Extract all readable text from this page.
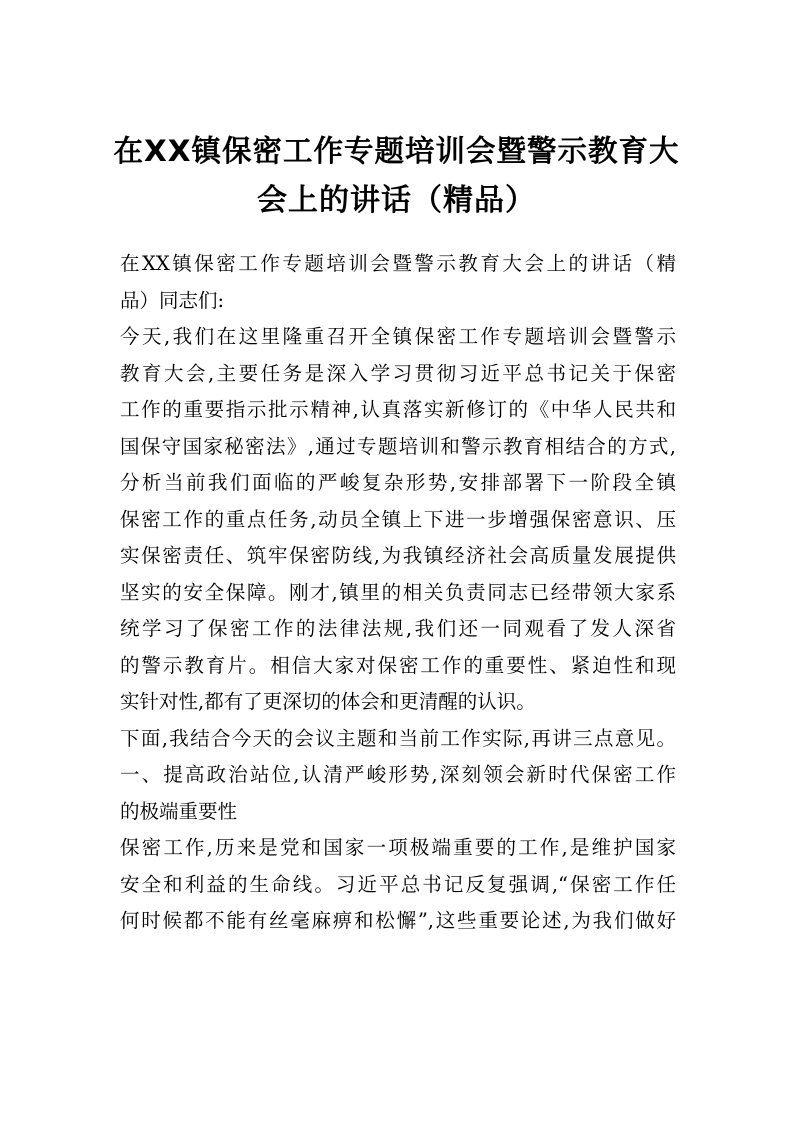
在XX镇保密工作专题培训会暨警示教育大
会上的讲话（精品）
在XX镇保密工作专题培训会暨警示教育大会上的讲话（精
品）同志们:
今天,我们在这里隆重召开全镇保密工作专题培训会暨警示
教育大会,主要任务是深入学习贯彻习近平总书记关于保密
工作的重要指示批示精神,认真落实新修订的《中华人民共和
国保守国家秘密法》,通过专题培训和警示教育相结合的方式,
分析当前我们面临的严峻复杂形势,安排部署下一阶段全镇
保密工作的重点任务,动员全镇上下进一步增强保密意识、压
实保密责任、筑牢保密防线,为我镇经济社会高质量发展提供
坚实的安全保障。刚才,镇里的相关负责同志已经带领大家系
统学习了保密工作的法律法规,我们还一同观看了发人深省
的警示教育片。相信大家对保密工作的重要性、紧迫性和现
实针对性,都有了更深切的体会和更清醒的认识。
下面,我结合今天的会议主题和当前工作实际,再讲三点意见。
一、提高政治站位,认清严峻形势,深刻领会新时代保密工作
的极端重要性
保密工作,历来是党和国家一项极端重要的工作,是维护国家
安全和利益的生命线。习近平总书记反复强调,“保密工作任
何时候都不能有丝毫麻痹和松懈”,这些重要论述,为我们做好
